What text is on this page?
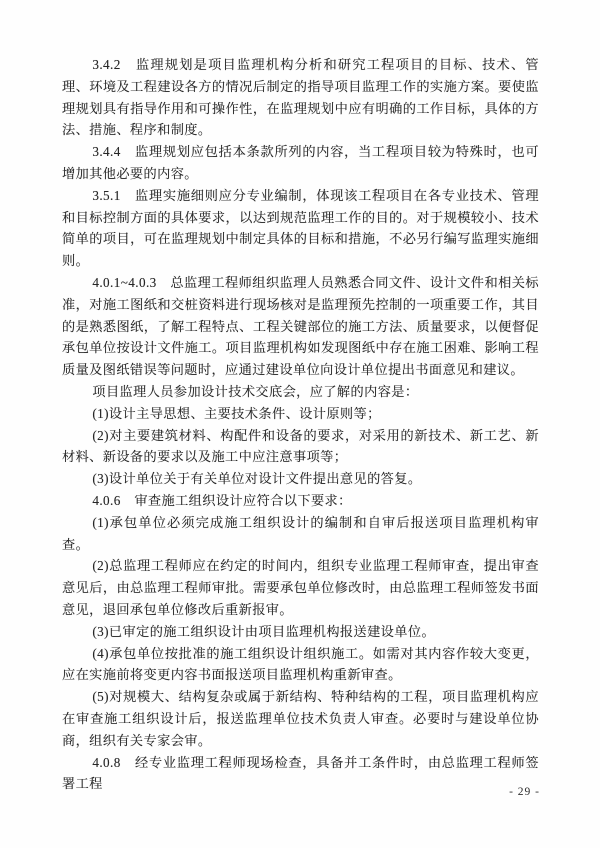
3.4.2　监理规划是项目监理机构分析和研究工程项目的目标、技术、管理、环境及工程建设各方的情况后制定的指导项目监理工作的实施方案。要使监理规划具有指导作用和可操作性，在监理规划中应有明确的工作目标，具体的方法、措施、程序和制度。

3.4.4　监理规划应包括本条款所列的内容，当工程项目较为特殊时，也可增加其他必要的内容。

3.5.1　监理实施细则应分专业编制，体现该工程项目在各专业技术、管理和目标控制方面的具体要求，以达到规范监理工作的目的。对于规模较小、技术简单的项目，可在监理规划中制定具体的目标和措施，不必另行编写监理实施细则。

4.0.1~4.0.3　总监理工程师组织监理人员熟悉合同文件、设计文件和相关标准，对施工图纸和交桩资料进行现场核对是监理预先控制的一项重要工作，其目的是熟悉图纸，了解工程特点、工程关键部位的施工方法、质量要求，以便督促承包单位按设计文件施工。项目监理机构如发现图纸中存在施工困难、影响工程质量及图纸错误等问题时，应通过建设单位向设计单位提出书面意见和建议。

项目监理人员参加设计技术交底会，应了解的内容是：

(1)设计主导思想、主要技术条件、设计原则等；

(2)对主要建筑材料、构配件和设备的要求，对采用的新技术、新工艺、新材料、新设备的要求以及施工中应注意事项等；

(3)设计单位关于有关单位对设计文件提出意见的答复。

4.0.6　审查施工组织设计应符合以下要求：

(1)承包单位必须完成施工组织设计的编制和自审后报送项目监理机构审查。

(2)总监理工程师应在约定的时间内，组织专业监理工程师审查，提出审查意见后，由总监理工程师审批。需要承包单位修改时，由总监理工程师签发书面意见，退回承包单位修改后重新报审。

(3)已审定的施工组织设计由项目监理机构报送建设单位。

(4)承包单位按批准的施工组织设计组织施工。如需对其内容作较大变更，应在实施前将变更内容书面报送项目监理机构重新审查。

(5)对规模大、结构复杂或属于新结构、特种结构的工程，项目监理机构应在审查施工组织设计后，报送监理单位技术负责人审查。必要时与建设单位协商，组织有关专家会审。

4.0.8　经专业监理工程师现场检查，具备并工条件时，由总监理工程师签署工程

- 29 -
